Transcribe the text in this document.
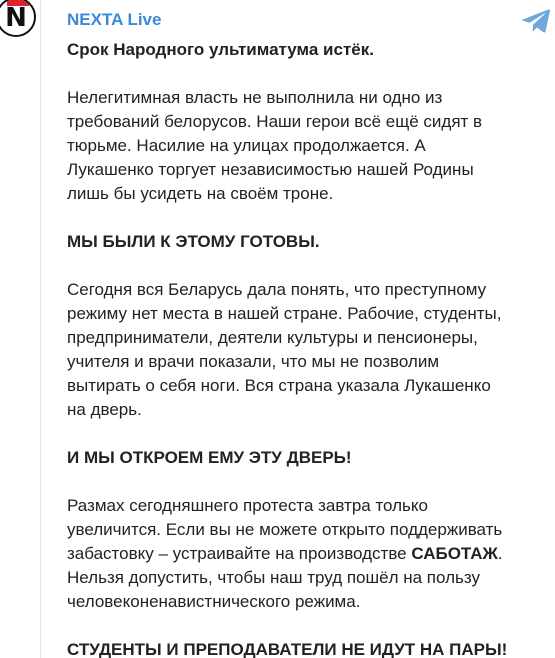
N	NEXTA Live

Срок Народного ультиматума истёк.

Нелегитимная власть не выполнила ни одно из
требований белорусов. Наши герои всё ещё сидят в
тюрьме. Насилие на улицах продолжается. А
Лукашенко торгует независимостью нашей Родины
лишь бы усидеть на своём троне.

МЫ БЫЛИ К ЭТОМУ ГОТОВЫ.

Сегодня вся Беларусь дала понять, что преступному
режиму нет места в нашей стране. Рабочие, студенты,
предприниматели, деятели культуры и пенсионеры,
учителя и врачи показали, что мы не позволим
вытирать о себя ноги. Вся страна указала Лукашенко
на дверь.

И МЫ ОТКРОЕМ ЕМУ ЭТУ ДВЕРЬ!

Размах сегодняшнего протеста завтра только
увеличится. Если вы не можете открыто поддерживать
забастовку – устраивайте на производстве САБОТАЖ.
Нельзя допустить, чтобы наш труд пошёл на пользу
человеконенавистнического режима.

СТУДЕНТЫ И ПРЕПОДАВАТЕЛИ НЕ ИДУТ НА ПАРЫ!
